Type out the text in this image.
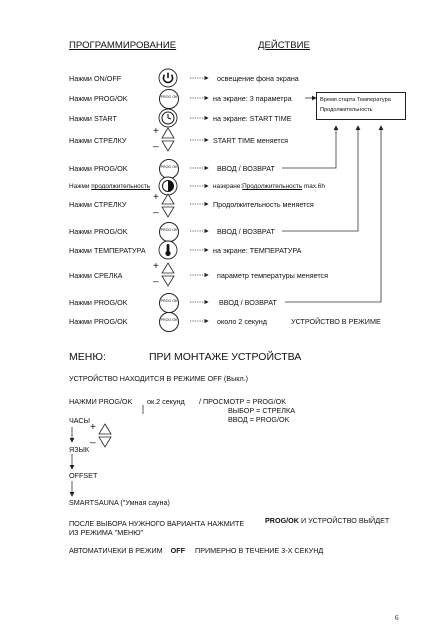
ПРОГРАММИРОВАНИЕ	ДЕЙСТВИЕ
Время старта Температура
Продолжительность
Нажми ON/OFF	освещение фона экрана
Нажми PROG/OK	PROG OK	на экране: 3 параметра
Нажми START	на экране: START TIME
Нажми СТРЕЛКУ
+
_	START TIME меняется
Нажми PROG/OK	PROG OK	ВВОД / ВОЗВРАТ
Нажми продолжительность	наэкране:Продолжительность max.6h
Нажми СТРЕЛКУ
+
_	Продолжительность меняется
Нажми PROG/OK	PROG OK	ВВОД / ВОЗВРАТ
Нажми ТЕМПЕРАТУРА	на экране: ТЕМПЕРАТУРА
Нажми СРЕЛКА
+
_	параметр температуры меняется
Нажми PROG/OK	PROG OK	ВВОД / ВОЗВРАТ
Нажми PROG/OK	PROG OK	около 2 секунд	УСТРОЙСТВО В РЕЖИМЕ
МЕНЮ:	ПРИ МОНТАЖЕ УСТРОЙСТВА
УСТРОЙСТВО НАХОДИТСЯ В РЕЖИМЕ OFF (Выкл.)
НАЖМИ PROG/OK ок.2 секунд / ПРОСМОТР = PROG/OK
ВЫБОР = СТРЕЛКА
ВВОД = PROG/OK
ЧАСЫ
+
_
ЯЗЫК
OFFSET
SMARTSAUNA ("Умная сауна)
ПОСЛЕ ВЫБОРА НУЖНОГО ВАРИАНТА НАЖМИТЕ	PROG/OK И УСТРОЙСТВО ВЫЙДЕТ
ИЗ РЕЖИМА "МЕНЮ"
АВТОМАТИЧЕКИ В РЕЖИМ OFF ПРИМЕРНО В ТЕЧЕНИЕ 3-Х СЕКУНД
6
